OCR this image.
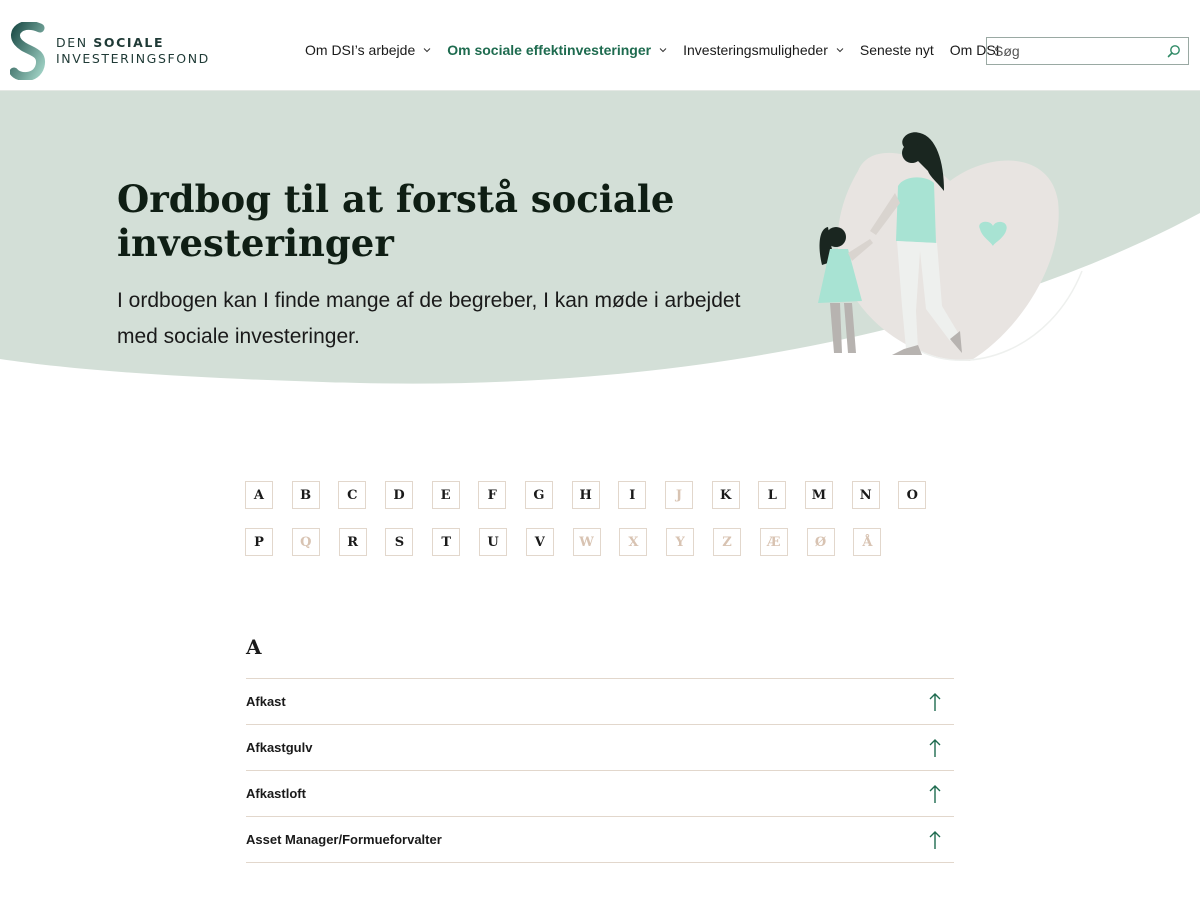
DEN SOCIALE
INVESTERINGSFOND
Om DSI’s arbejde Om sociale effektinvesteringer Investeringsmuligheder Seneste nyt Om DSI
Søg
Ordbog til at forstå sociale investeringer

I ordbogen kan I finde mange af de begreber, I kan møde i arbejdet med sociale investeringer.

A	B	C	D	E	F	G	H	I	J	K	L	M	N	O
P	Q	R	S	T	U	V	W	X	Y	Z	Æ	Ø	Å
A
Afkast
Afkastgulv
Afkastloft
Asset Manager/Formueforvalter
